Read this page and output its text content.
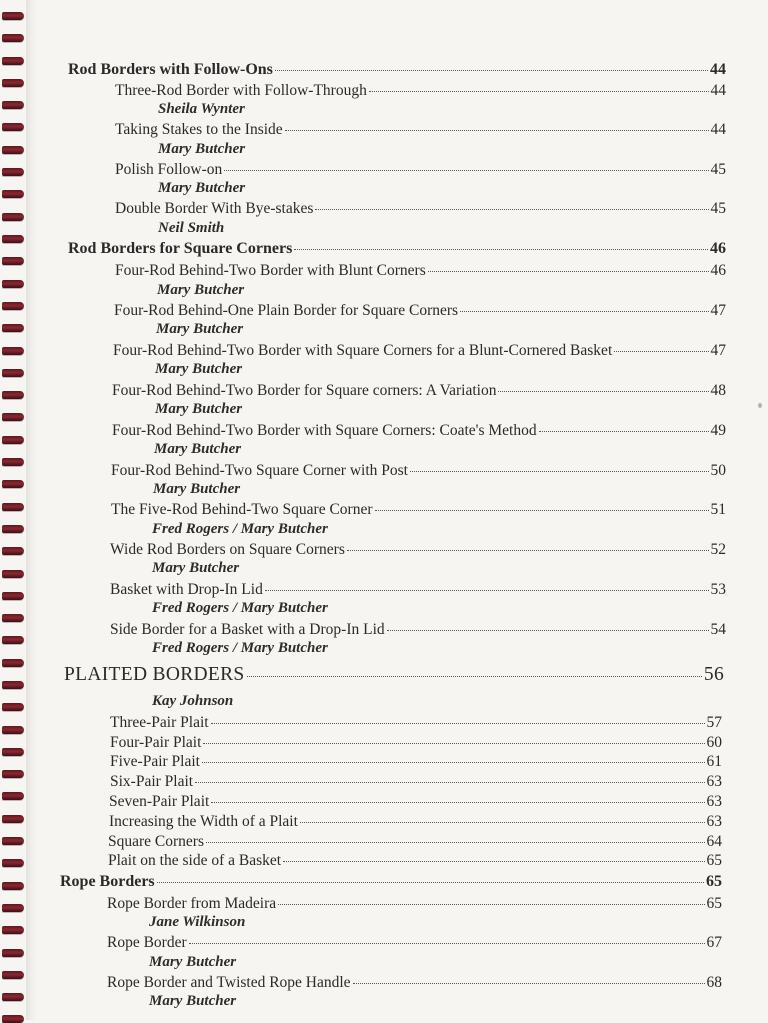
Rod Borders with Follow-Ons	44
Three-Rod Border with Follow-Through	44
Sheila Wynter
Taking Stakes to the Inside	44
Mary Butcher
Polish Follow-on	45
Mary Butcher
Double Border With Bye-stakes	45
Neil Smith
Rod Borders for Square Corners	46
Four-Rod Behind-Two Border with Blunt Corners	46
Mary Butcher
Four-Rod Behind-One Plain Border for Square Corners	47
Mary Butcher
Four-Rod Behind-Two Border with Square Corners for a Blunt-Cornered Basket	47
Mary Butcher
Four-Rod Behind-Two Border for Square corners: A Variation	48
Mary Butcher
Four-Rod Behind-Two Border with Square Corners: Coate's Method	49
Mary Butcher
Four-Rod Behind-Two Square Corner with Post	50
Mary Butcher
The Five-Rod Behind-Two Square Corner	51
Fred Rogers / Mary Butcher
Wide Rod Borders on Square Corners	52
Mary Butcher
Basket with Drop-In Lid	53
Fred Rogers / Mary Butcher
Side Border for a Basket with a Drop-In Lid	54
Fred Rogers / Mary Butcher
PLAITED BORDERS	56
Kay Johnson
Three-Pair Plait	57
Four-Pair Plait	60
Five-Pair Plait	61
Six-Pair Plait	63
Seven-Pair Plait	63
Increasing the Width of a Plait	63
Square Corners	64
Plait on the side of a Basket	65
Rope Borders	65
Rope Border from Madeira	65
Jane Wilkinson
Rope Border	67
Mary Butcher
Rope Border and Twisted Rope Handle	68
Mary Butcher
